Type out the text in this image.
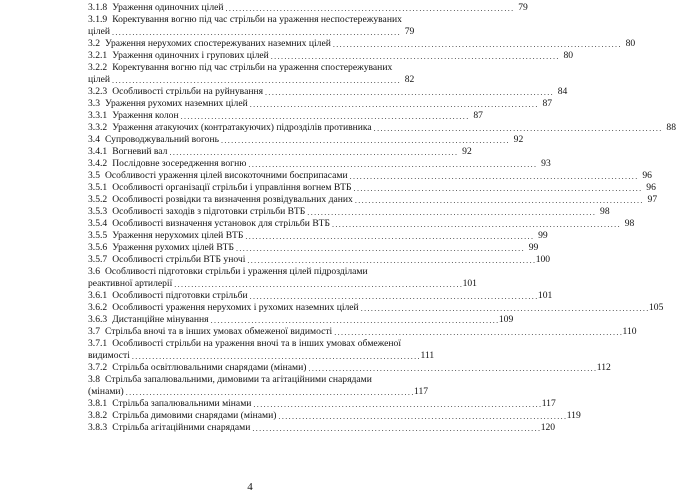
3.1.8 Ураження одиночних цілей . . .	79
3.1.9 Коректування вогню під час стрільби на ураження неспостережуваних
цілей . . .	79
3.2 Ураження нерухомих спостережуваних наземних цілей . . .	80
3.2.1 Ураження одиночних і групових цілей . . .	80
3.2.2 Коректування вогню під час стрільби на ураження спостережуваних
цілей . . .	82
3.2.3 Особливості стрільби на руйнування . . .	84
3.3 Ураження рухомих наземних цілей . . .	87
3.3.1 Ураження колон . . .	87
3.3.2 Ураження атакуючих (контратакуючих) підрозділів противника . . .	88
3.4 Супроводжувальний вогонь . . .	92
3.4.1 Вогневий вал . . .	92
3.4.2 Послідовне зосередження вогню . . .	93
3.5 Особливості ураження цілей високоточними боєприпасами . . .	96
3.5.1 Особливості організації стрільби і управління вогнем ВТБ . . .	96
3.5.2 Особливості розвідки та визначення розвідувальних даних . . .	97
3.5.3 Особливості заходів з підготовки стрільби ВТБ . . .	98
3.5.4 Особливості визначення установок для стрільби ВТБ . . .	98
3.5.5 Ураження нерухомих цілей ВТБ . . .	99
3.5.6 Ураження рухомих цілей ВТБ . . .	99
3.5.7 Особливості стрільби ВТБ уночі . . .	100
3.6 Особливості підготовки стрільби і ураження цілей підрозділами
реактивної артилерії . . .	101
3.6.1 Особливості підготовки стрільби . . .	101
3.6.2 Особливості ураження нерухомих і рухомих наземних цілей . . .	105
3.6.3 Дистанційне мінування . . .	109
3.7 Стрільба вночі та в інших умовах обмеженої видимості . . .	110
3.7.1 Особливості стрільби на ураження вночі та в інших умовах обмеженої
видимості . . .	111
3.7.2 Стрільба освітлювальними снарядами (мінами) . . .	112
3.8 Стрільба запалювальними, димовими та агітаційними снарядами
(мінами) . . .	117
3.8.1 Стрільба запалювальними мінами . . .	117
3.8.2 Стрільба димовими снарядами (мінами) . . .	119
3.8.3 Стрільба агітаційними снарядами . . .	120
4
